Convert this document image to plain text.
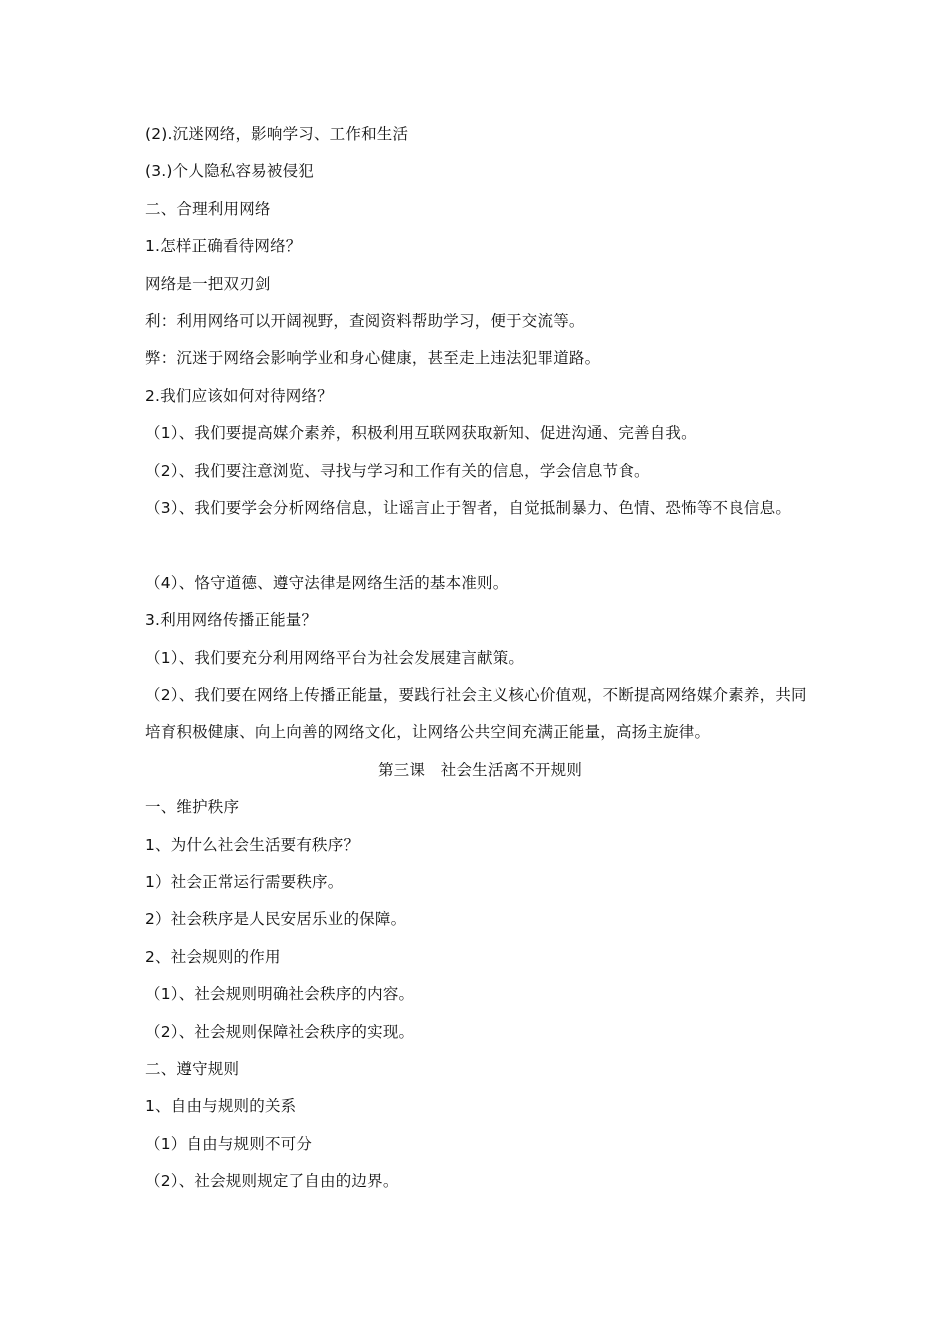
(2).沉迷网络，影响学习、工作和生活
(3.)个人隐私容易被侵犯
二、合理利用网络
1.怎样正确看待网络？
网络是一把双刃剑
利：利用网络可以开阔视野，查阅资料帮助学习，便于交流等。
弊：沉迷于网络会影响学业和身心健康，甚至走上违法犯罪道路。
2.我们应该如何对待网络？
（1）、我们要提高媒介素养，积极利用互联网获取新知、促进沟通、完善自我。
（2）、我们要注意浏览、寻找与学习和工作有关的信息，学会信息节食。
（3）、我们要学会分析网络信息，让谣言止于智者，自觉抵制暴力、色情、恐怖等不良信息。
（4）、恪守道德、遵守法律是网络生活的基本准则。
3.利用网络传播正能量？
（1）、我们要充分利用网络平台为社会发展建言献策。
（2）、我们要在网络上传播正能量，要践行社会主义核心价值观，不断提高网络媒介素养，共同培育积极健康、向上向善的网络文化，让网络公共空间充满正能量，高扬主旋律。
第三课　社会生活离不开规则
一、维护秩序
1、为什么社会生活要有秩序？
1）社会正常运行需要秩序。
2）社会秩序是人民安居乐业的保障。
2、社会规则的作用
（1）、社会规则明确社会秩序的内容。
（2）、社会规则保障社会秩序的实现。
二、遵守规则
1、自由与规则的关系
（1）自由与规则不可分
（2）、社会规则规定了自由的边界。
